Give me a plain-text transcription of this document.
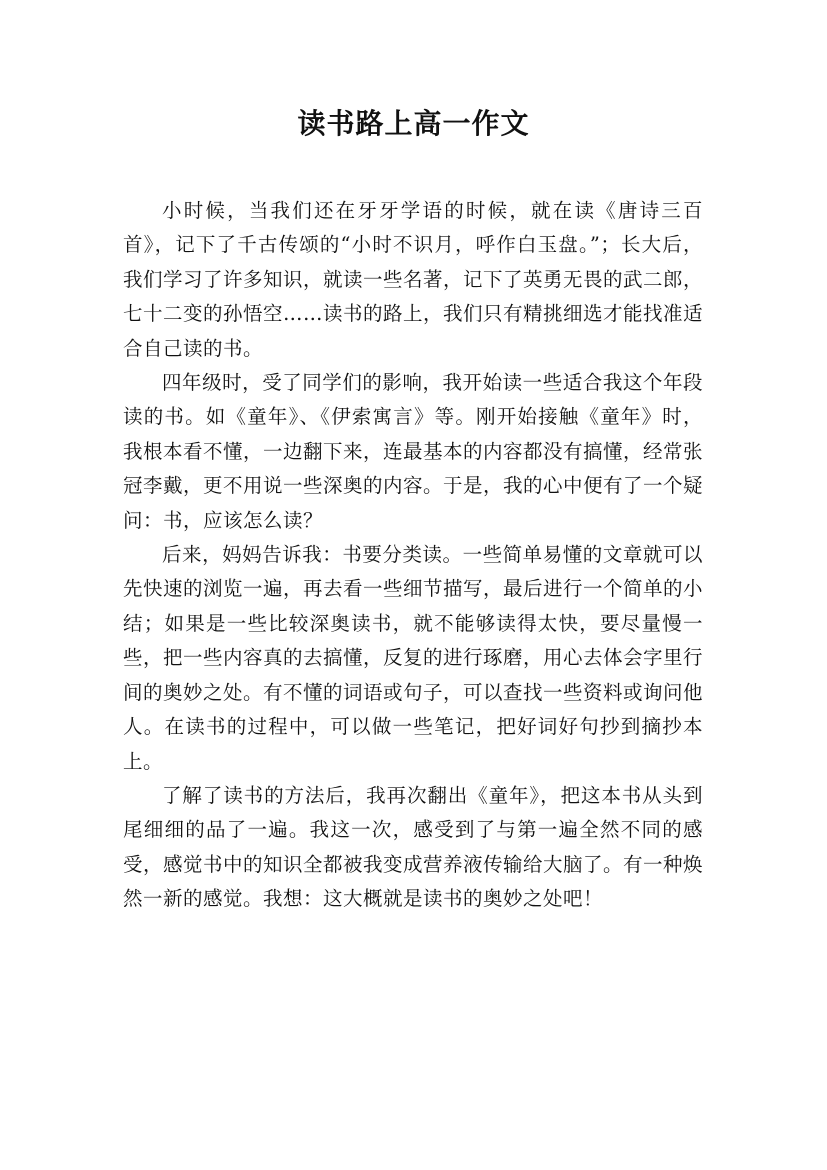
读书路上高一作文

小时候，当我们还在牙牙学语的时候，就在读《唐诗三百首》，记下了千古传颂的“小时不识月，呼作白玉盘。”；长大后，我们学习了许多知识，就读一些名著，记下了英勇无畏的武二郎，七十二变的孙悟空……读书的路上，我们只有精挑细选才能找准适合自己读的书。

四年级时，受了同学们的影响，我开始读一些适合我这个年段读的书。如《童年》、《伊索寓言》等。刚开始接触《童年》时，我根本看不懂，一边翻下来，连最基本的内容都没有搞懂，经常张冠李戴，更不用说一些深奥的内容。于是，我的心中便有了一个疑问：书，应该怎么读？

后来，妈妈告诉我：书要分类读。一些简单易懂的文章就可以先快速的浏览一遍，再去看一些细节描写，最后进行一个简单的小结；如果是一些比较深奥读书，就不能够读得太快，要尽量慢一些，把一些内容真的去搞懂，反复的进行琢磨，用心去体会字里行间的奥妙之处。有不懂的词语或句子，可以查找一些资料或询问他人。在读书的过程中，可以做一些笔记，把好词好句抄到摘抄本上。

了解了读书的方法后，我再次翻出《童年》，把这本书从头到尾细细的品了一遍。我这一次，感受到了与第一遍全然不同的感受，感觉书中的知识全都被我变成营养液传输给大脑了。有一种焕然一新的感觉。我想：这大概就是读书的奥妙之处吧！
